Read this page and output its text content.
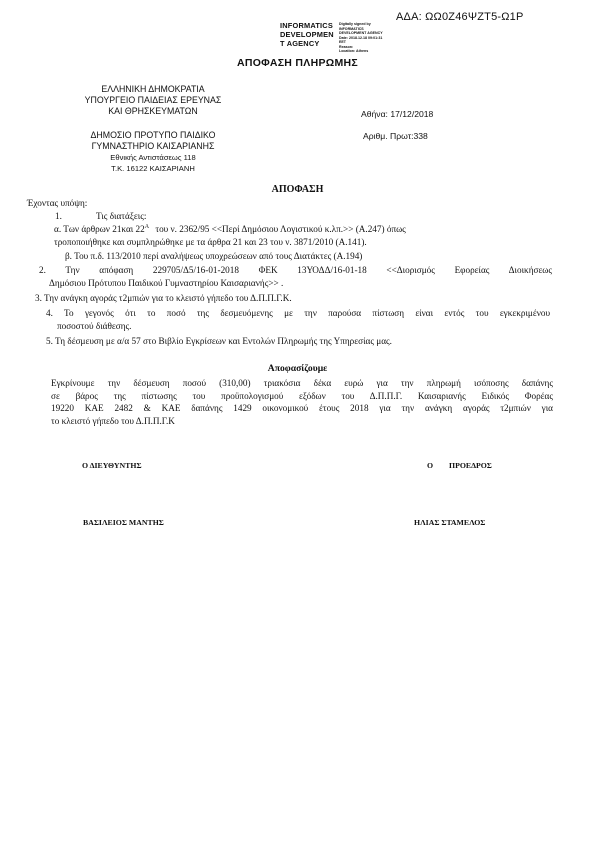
ΑΔΑ: ΩΩ0Ζ46ΨΖΤ5-Ω1Ρ
INFORMATICS
DEVELOPMEN
T AGENCY
Digitally signed by
INFORMATICS
DEVELOPMENT AGENCY
Date: 2018.12.18 09:01:31
EET
Reason:
Location: Athens
ΑΠΟΦΑΣΗ ΠΛΗΡΩΜΗΣ
ΕΛΛΗΝΙΚΗ ΔΗΜΟΚΡΑΤΙΑ
ΥΠΟΥΡΓΕΙΟ ΠΑΙΔΕΙΑΣ ΕΡΕΥΝΑΣ
ΚΑΙ ΘΡΗΣΚΕΥΜΑΤΩΝ
ΔΗΜΟΣΙΟ ΠΡΟΤΥΠΟ ΠΑΙΔΙΚΟ
ΓΥΜΝΑΣΤΗΡΙΟ ΚΑΙΣΑΡΙΑΝΗΣ
Εθνικής Αντιστάσεως 118
Τ.Κ. 16122 ΚΑΙΣΑΡΙΑΝΗ
Αθήνα: 17/12/2018
Αριθμ. Πρωτ:338
ΑΠΟΦΑΣΗ
Έχοντας υπόψη:
1.	Τις διατάξεις:
α. Των άρθρων 21και $22^A$ του ν. 2362/95 <<Περί Δημόσιου Λογιστικού κ.λπ.>> (Α.247) όπως
τροποποιήθηκε και συμπληρώθηκε με τα άρθρα 21 και 23 του ν. 3871/2010 (Α.141).
β. Του π.δ. 113/2010 περί αναλήψεως υποχρεώσεων από τους Διατάκτες (Α.194)
2. Την απόφαση 229705/Δ5/16-01-2018 ΦΕΚ 13ΥΟΔΔ/16-01-18 <<Διορισμός Εφορείας Διοικήσεως
Δημόσιου Πρότυπου Παιδικού Γυμναστηρίου Καισαριανής>> .
3. Την ανάγκη αγοράς τ2μπιών για το κλειστό γήπεδο του Δ.Π.Π.Γ.Κ.
4. Το γεγονός ότι το ποσό της δεσμευόμενης με την παρούσα πίστωση είναι εντός του εγκεκριμένου
ποσοστού διάθεσης.
5. Τη δέσμευση με α/α 57 στο Βιβλίο Εγκρίσεων και Εντολών Πληρωμής της Υπηρεσίας μας.
Αποφασίζουμε
Εγκρίνουμε την δέσμευση ποσού (310,00) τριακόσια δέκα ευρώ για την πληρωμή ισόποσης δαπάνης
σε βάρος της πίστωσης του προϋπολογισμού εξόδων του Δ.Π.Π.Γ. Καισαριανής Ειδικός Φορέας
19220 ΚΑΕ 2482 & ΚΑΕ δαπάνης 1429 οικονομικού έτους 2018 για την ανάγκη αγοράς τ2μπιών για
το κλειστό γήπεδο του Δ.Π.Π.Γ.Κ
Ο ΔΙΕΥΘΥΝΤΗΣ	Ο ΠΡΟΕΔΡΟΣ
ΒΑΣΙΛΕΙΟΣ ΜΑΝΤΗΣ	ΗΛΙΑΣ ΣΤΑΜΕΛΟΣ
